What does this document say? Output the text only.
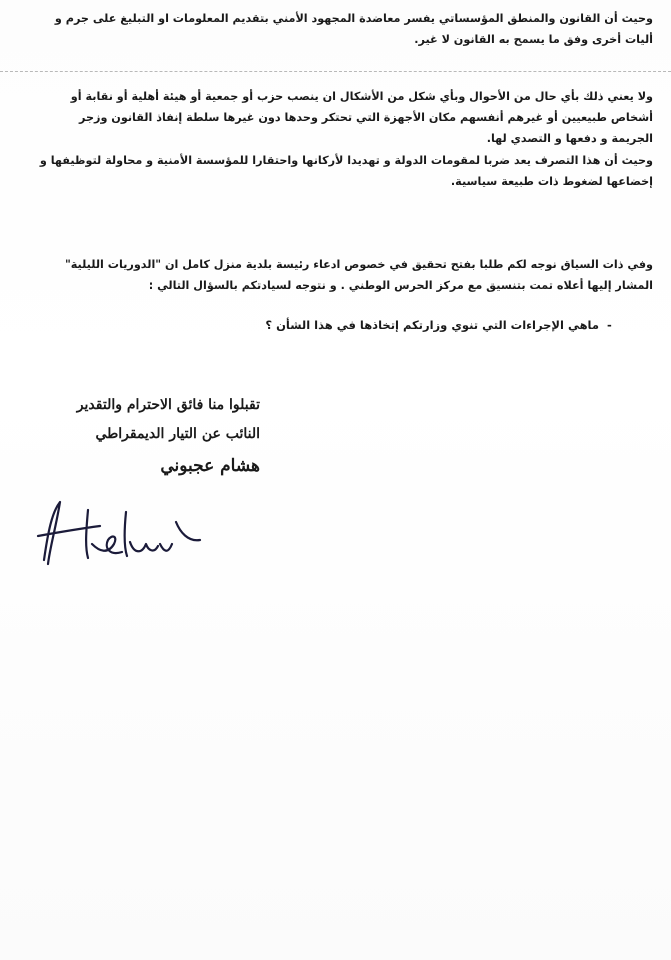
وحيث أن القانون والمنطق المؤسساتي يفسر معاضدة المجهود الأمني بتقديم المعلومات او التبليغ على جرم و أليات أخرى وفق ما يسمح به القانون لا غير.
ولا يعني ذلك بأي حال من الأحوال وبأي شكل من الأشكال ان ينصب حزب أو جمعية أو هيئة أهلية أو نقابة أو أشخاص طبيعيين أو غيرهم أنفسهم مكان الأجهزة التي تحتكر وحدها دون غيرها سلطة إنفاذ القانون وزجر الجريمة و دفعها و التصدي لها.
وحيث أن هذا التصرف يعد ضربا لمقومات الدولة و تهديدا لأركانها واحتقارا للمؤسسة الأمنية و محاولة لتوظيفها و إخضاعها لضغوط ذات طبيعة سياسية.
وفي ذات السياق نوجه لكم طلبا بفتح تحقيق في خصوص ادعاء رئيسة بلدية منزل كامل ان "الدوريات الليلية" المشار إليها أعلاه تمت بتنسيق مع مركز الحرس الوطني . و نتوجه لسيادتكم بالسؤال التالي :
-
ماهي الإجراءات التي تنوي وزارتكم إتخاذها في هذا الشأن ؟
تقبلوا منا فائق الاحترام والتقدير
النائب عن التيار الديمقراطي
هشام عجبوني
